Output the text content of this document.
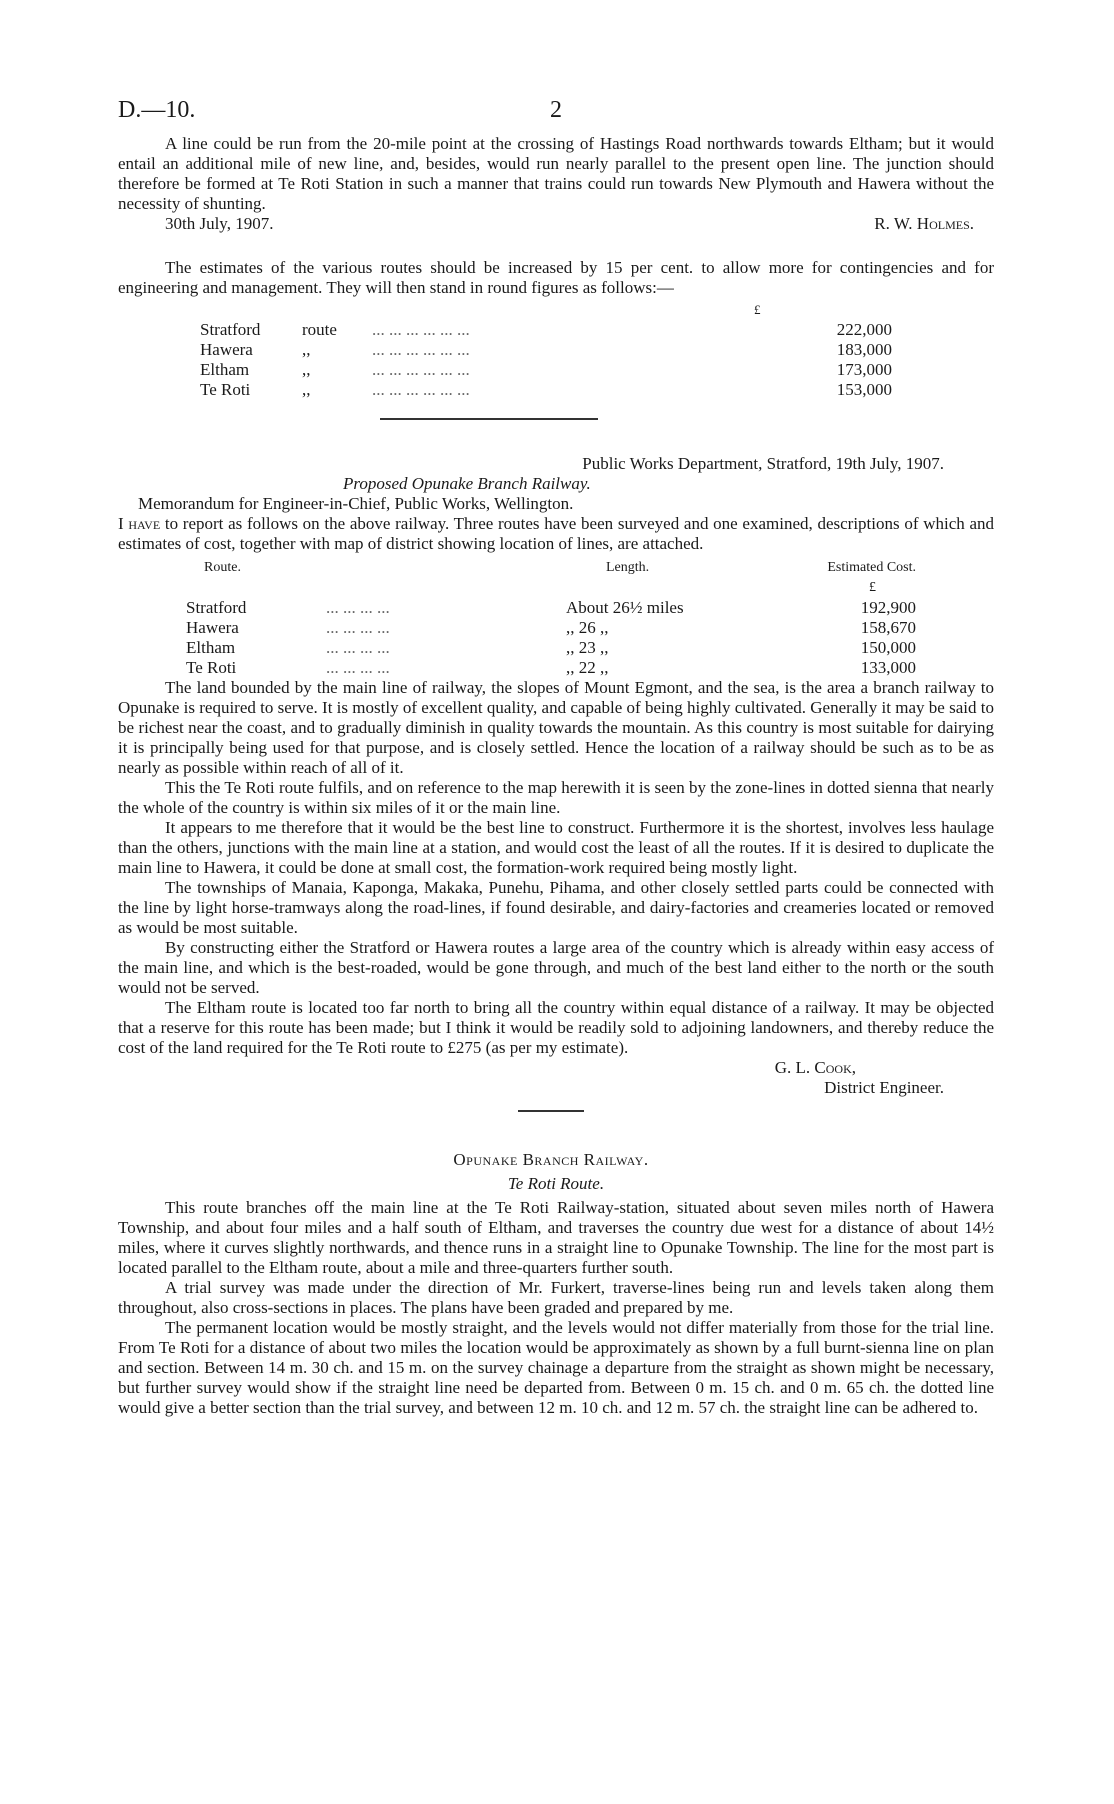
D.—10.	2

A line could be run from the 20-mile point at the crossing of Hastings Road northwards towards Eltham; but it would entail an additional mile of new line, and, besides, would run nearly parallel to the present open line. The junction should therefore be formed at Te Roti Station in such a manner that trains could run towards New Plymouth and Hawera without the necessity of shunting.

30th July, 1907.	R. W. Holmes.

The estimates of the various routes should be increased by 15 per cent. to allow more for contingencies and for engineering and management. They will then stand in round figures as follows:—

£
Stratford	route	... ... ... ... ... ...	222,000
Hawera	,,	... ... ... ... ... ...	183,000
Eltham	,,	... ... ... ... ... ...	173,000
Te Roti	,,	... ... ... ... ... ...	153,000

Public Works Department, Stratford, 19th July, 1907.

Proposed Opunake Branch Railway.

Memorandum for Engineer-in-Chief, Public Works, Wellington.

I have to report as follows on the above railway. Three routes have been surveyed and one examined, descriptions of which and estimates of cost, together with map of district showing location of lines, are attached.

Route.		Length.	Estimated Cost.
			£
Stratford	... ... ... ...	About 26½ miles	192,900
Hawera	... ... ... ...	,, 26 ,,	158,670
Eltham	... ... ... ...	,, 23 ,,	150,000
Te Roti	... ... ... ...	,, 22 ,,	133,000

The land bounded by the main line of railway, the slopes of Mount Egmont, and the sea, is the area a branch railway to Opunake is required to serve. It is mostly of excellent quality, and capable of being highly cultivated. Generally it may be said to be richest near the coast, and to gradually diminish in quality towards the mountain. As this country is most suitable for dairying it is principally being used for that purpose, and is closely settled. Hence the location of a railway should be such as to be as nearly as possible within reach of all of it.

This the Te Roti route fulfils, and on reference to the map herewith it is seen by the zone-lines in dotted sienna that nearly the whole of the country is within six miles of it or the main line.

It appears to me therefore that it would be the best line to construct. Furthermore it is the shortest, involves less haulage than the others, junctions with the main line at a station, and would cost the least of all the routes. If it is desired to duplicate the main line to Hawera, it could be done at small cost, the formation-work required being mostly light.

The townships of Manaia, Kaponga, Makaka, Punehu, Pihama, and other closely settled parts could be connected with the line by light horse-tramways along the road-lines, if found desirable, and dairy-factories and creameries located or removed as would be most suitable.

By constructing either the Stratford or Hawera routes a large area of the country which is already within easy access of the main line, and which is the best-roaded, would be gone through, and much of the best land either to the north or the south would not be served.

The Eltham route is located too far north to bring all the country within equal distance of a railway. It may be objected that a reserve for this route has been made; but I think it would be readily sold to adjoining landowners, and thereby reduce the cost of the land required for the Te Roti route to £275 (as per my estimate).

G. L. Cook,
District Engineer.

Opunake Branch Railway.

Te Roti Route.

This route branches off the main line at the Te Roti Railway-station, situated about seven miles north of Hawera Township, and about four miles and a half south of Eltham, and traverses the country due west for a distance of about 14½ miles, where it curves slightly northwards, and thence runs in a straight line to Opunake Township. The line for the most part is located parallel to the Eltham route, about a mile and three-quarters further south.

A trial survey was made under the direction of Mr. Furkert, traverse-lines being run and levels taken along them throughout, also cross-sections in places. The plans have been graded and prepared by me.

The permanent location would be mostly straight, and the levels would not differ materially from those for the trial line. From Te Roti for a distance of about two miles the location would be approximately as shown by a full burnt-sienna line on plan and section. Between 14 m. 30 ch. and 15 m. on the survey chainage a departure from the straight as shown might be necessary, but further survey would show if the straight line need be departed from. Between 0 m. 15 ch. and 0 m. 65 ch. the dotted line would give a better section than the trial survey, and between 12 m. 10 ch. and 12 m. 57 ch. the straight line can be adhered to.
